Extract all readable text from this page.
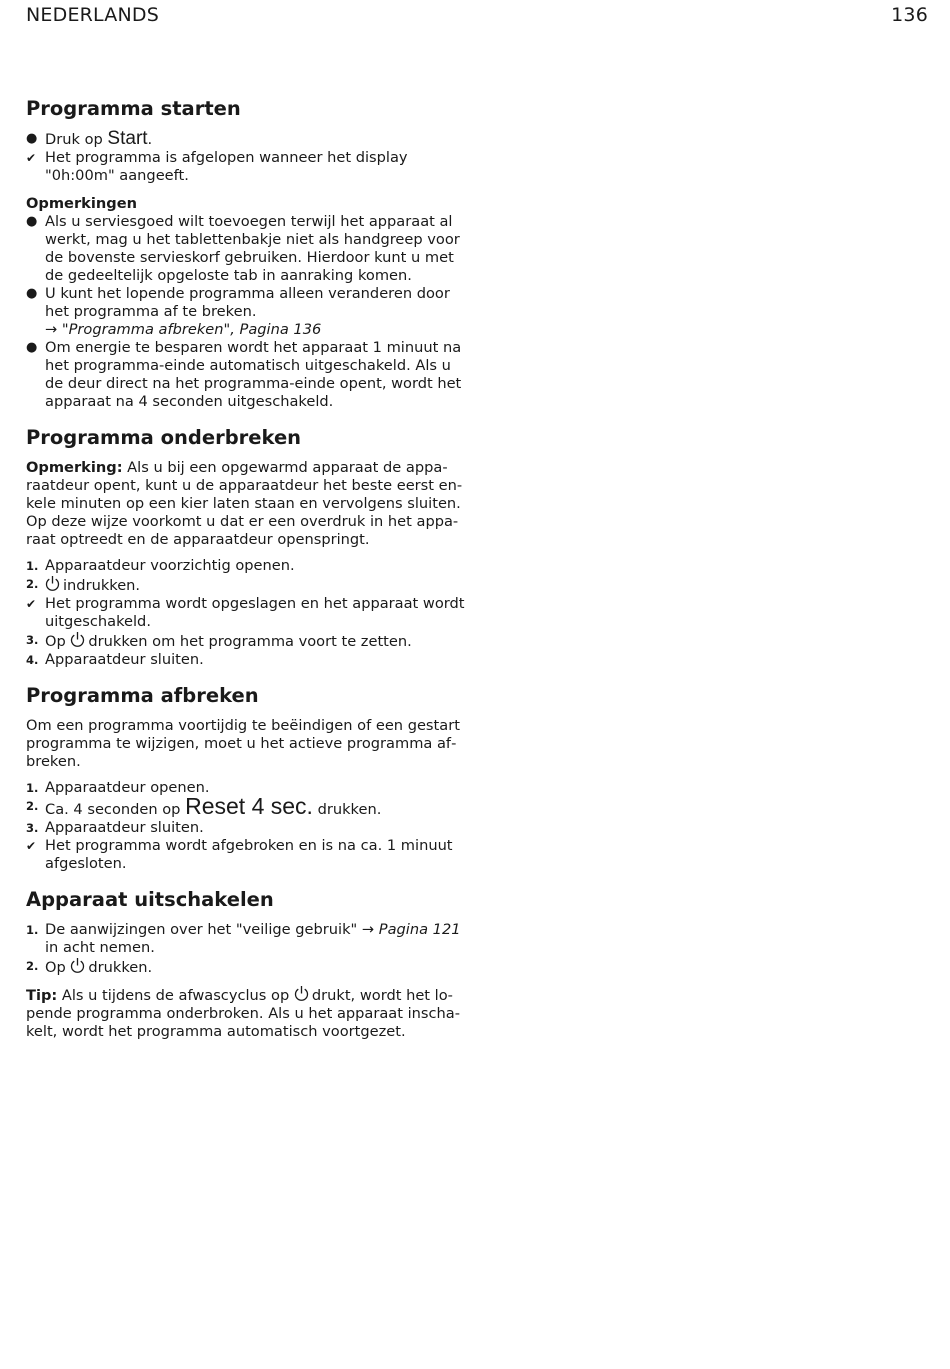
NEDERLANDS	136
Programma starten
● Druk op Start.
✔ Het programma is afgelopen wanneer het display "0h:00m" aangeeft.

Opmerkingen

● Als u serviesgoed wilt toevoegen terwijl het apparaat al werkt, mag u het tablettenbakje niet als handgreep voor de bovenste servieskorf gebruiken. Hierdoor kunt u met de gedeeltelijk opgeloste tab in aanraking komen.
● U kunt het lopende programma alleen veranderen door het programma af te breken.
→ "Programma afbreken", Pagina 136
● Om energie te besparen wordt het apparaat 1 minuut na het programma-einde automatisch uitgeschakeld. Als u de deur direct na het programma-einde opent, wordt het apparaat na 4 seconden uitgeschakeld.
Programma onderbreken

Opmerking: Als u bij een opgewarmd apparaat de apparaatdeur opent, kunt u de apparaatdeur het beste eerst enkele minuten op een kier laten staan en vervolgens sluiten. Op deze wijze voorkomt u dat er een overdruk in het apparaat optreedt en de apparaatdeur openspringt.

1. Apparaatdeur voorzichtig openen.
2.	indrukken.
✔ Het programma wordt opgeslagen en het apparaat wordt uitgeschakeld.
3. Op drukken om het programma voort te zetten.
4. Apparaatdeur sluiten.
Programma afbreken

Om een programma voortijdig te beëindigen of een gestart programma te wijzigen, moet u het actieve programma afbreken.

1. Apparaatdeur openen.
2. Ca. 4 seconden op Reset 4 sec. drukken.
3. Apparaatdeur sluiten.
✔ Het programma wordt afgebroken en is na ca. 1 minuut afgesloten.
Apparaat uitschakelen
1. De aanwijzingen over het "veilige gebruik" → Pagina 121 in acht nemen.
2. Op drukken.

Tip: Als u tijdens de afwascyclus op drukt, wordt het lopende programma onderbroken. Als u het apparaat inschakelt, wordt het programma automatisch voortgezet.
